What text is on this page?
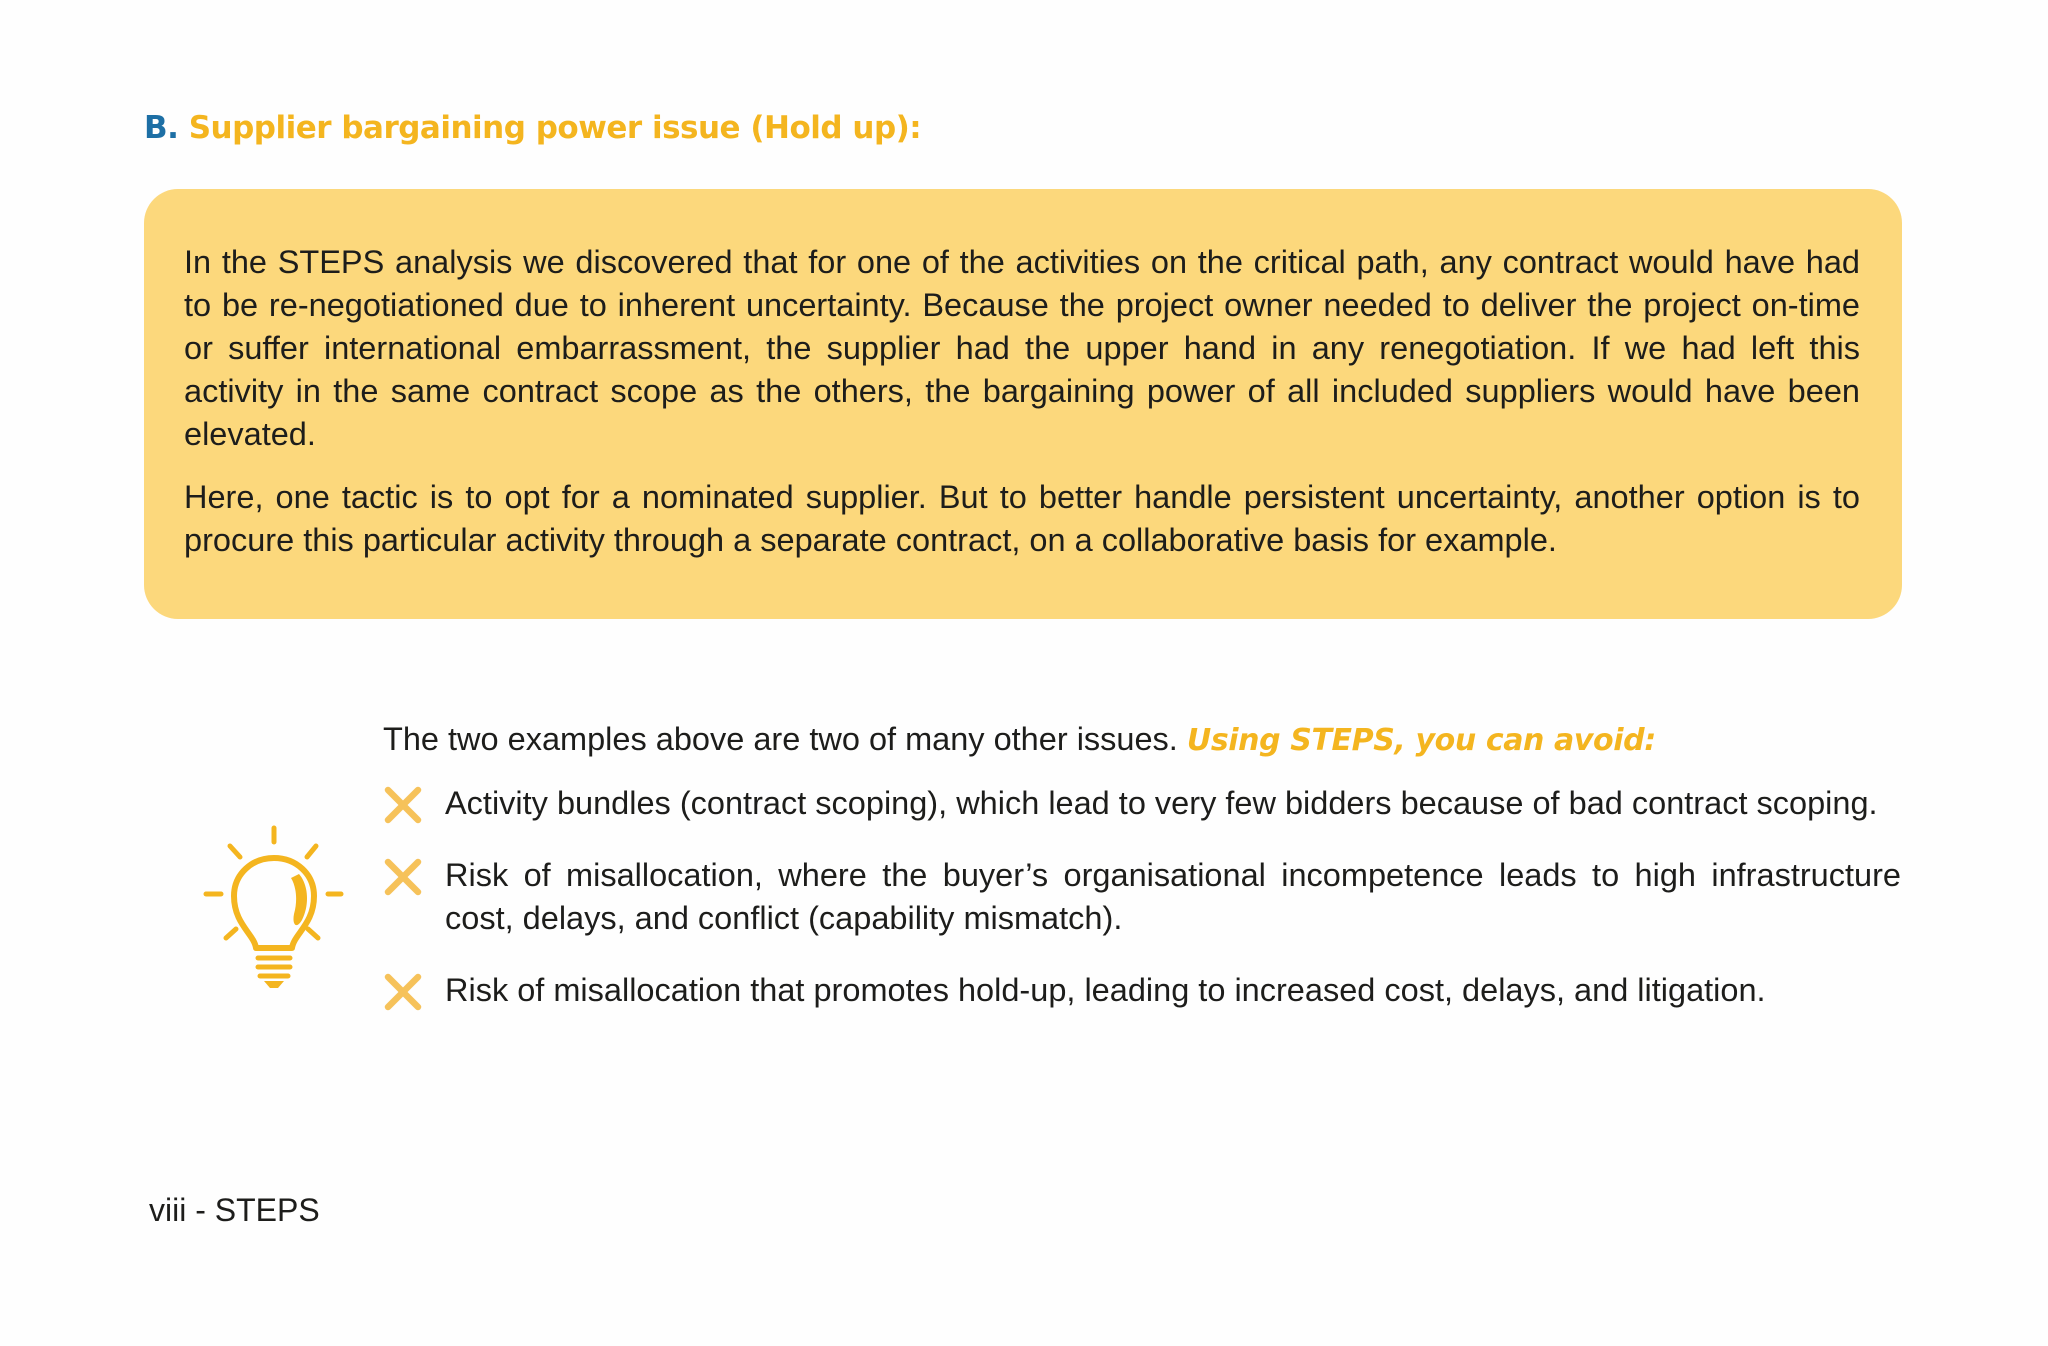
B. Supplier bargaining power issue (Hold up):

In the STEPS analysis we discovered that for one of the activities on the critical path, any contract would have had to be re-negotiationed due to inherent uncertainty. Because the project owner needed to deliver the project on-time or suffer international embarrassment, the supplier had the upper hand in any renegotiation. If we had left this activity in the same contract scope as the others, the bargaining power of all included suppliers would have been elevated.

Here, one tactic is to opt for a nominated supplier. But to better handle persistent uncertainty, another option is to procure this particular activity through a separate contract, on a collaborative basis for example.

The two examples above are two of many other issues. Using STEPS, you can avoid:

Activity bundles (contract scoping), which lead to very few bidders because of bad contract scoping.
Risk of misallocation, where the buyer’s organisational incompetence leads to high infrastructure cost, delays, and conflict (capability mismatch).
Risk of misallocation that promotes hold-up, leading to increased cost, delays, and litigation.
viii - STEPS
